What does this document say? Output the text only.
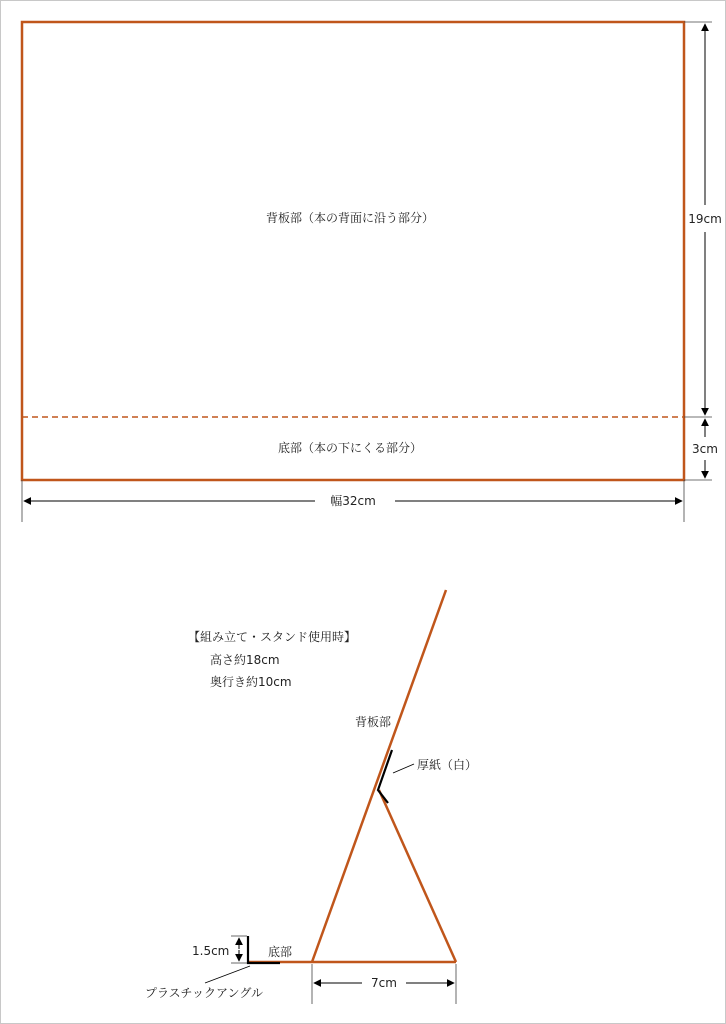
背板部（本の背面に沿う部分）
底部（本の下にくる部分）
19cm
3cm
幅32cm
【組み立て・スタンド使用時】
高さ約18cm
奥行き約10cm
背板部
厚紙（白）
底部
1.5cm
プラスチックアングル
7cm
